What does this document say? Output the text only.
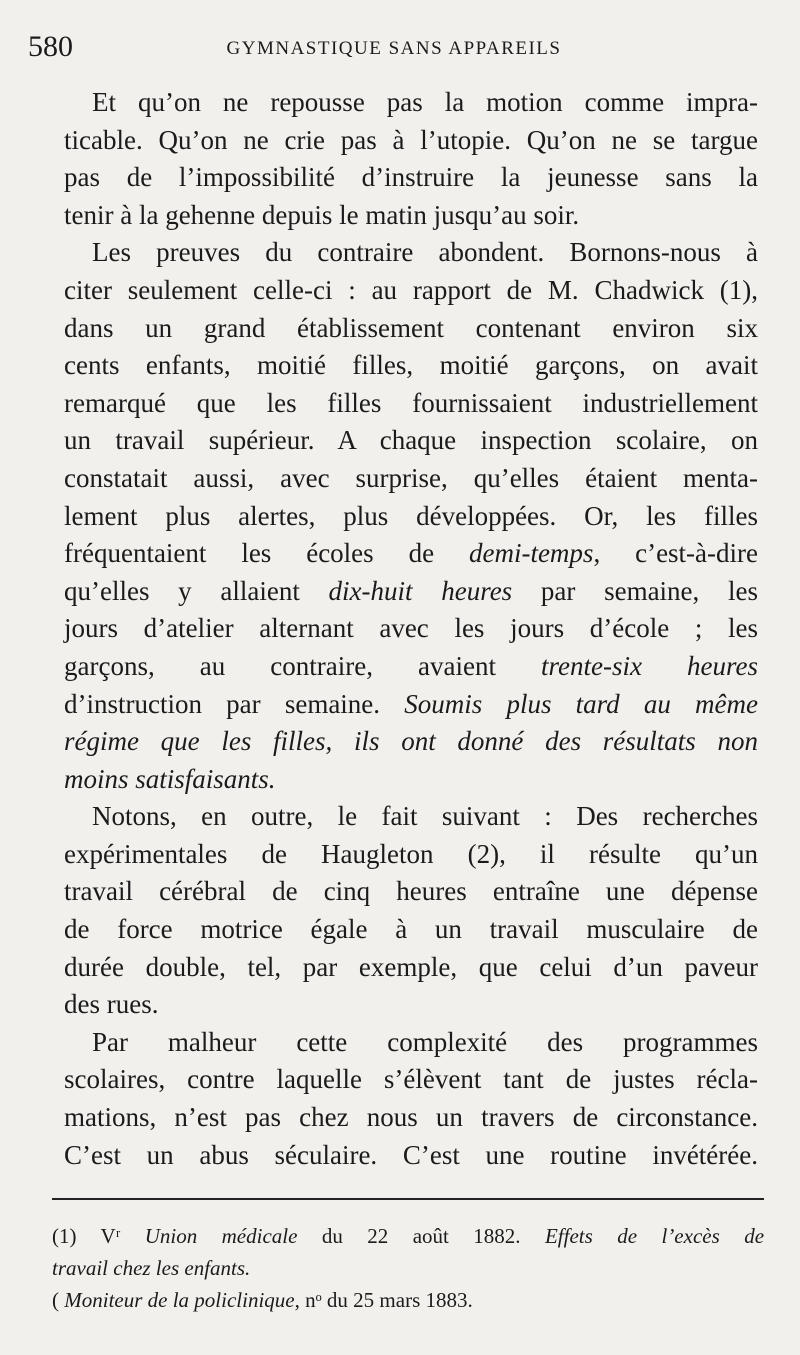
580	GYMNASTIQUE SANS APPAREILS
Et qu’on ne repousse pas la motion comme impra-
ticable. Qu’on ne crie pas à l’utopie. Qu’on ne se targue
pas de l’impossibilité d’instruire la jeunesse sans la
tenir à la gehenne depuis le matin jusqu’au soir.
Les preuves du contraire abondent. Bornons-nous à
citer seulement celle-ci : au rapport de M. Chadwick (1),
dans un grand établissement contenant environ six
cents enfants, moitié filles, moitié garçons, on avait
remarqué que les filles fournissaient industriellement
un travail supérieur. A chaque inspection scolaire, on
constatait aussi, avec surprise, qu’elles étaient menta-
lement plus alertes, plus développées. Or, les filles
fréquentaient les écoles de demi-temps, c’est-à-dire
qu’elles y allaient dix-huit heures par semaine, les
jours d’atelier alternant avec les jours d’école ; les
garçons, au contraire, avaient trente-six heures
d’instruction par semaine. Soumis plus tard au même
régime que les filles, ils ont donné des résultats non
moins satisfaisants.
Notons, en outre, le fait suivant : Des recherches
expérimentales de Haugleton (2), il résulte qu’un
travail cérébral de cinq heures entraîne une dépense
de force motrice égale à un travail musculaire de
durée double, tel, par exemple, que celui d’un paveur
des rues.
Par malheur cette complexité des programmes
scolaires, contre laquelle s’élèvent tant de justes récla-
mations, n’est pas chez nous un travers de circonstance.
C’est un abus séculaire. C’est une routine invétérée.
(1) Vʳ Union médicale du 22 août 1882. Effets de l’excès de
travail chez les enfants.
( Moniteur de la policlinique, nᵒ du 25 mars 1883.
